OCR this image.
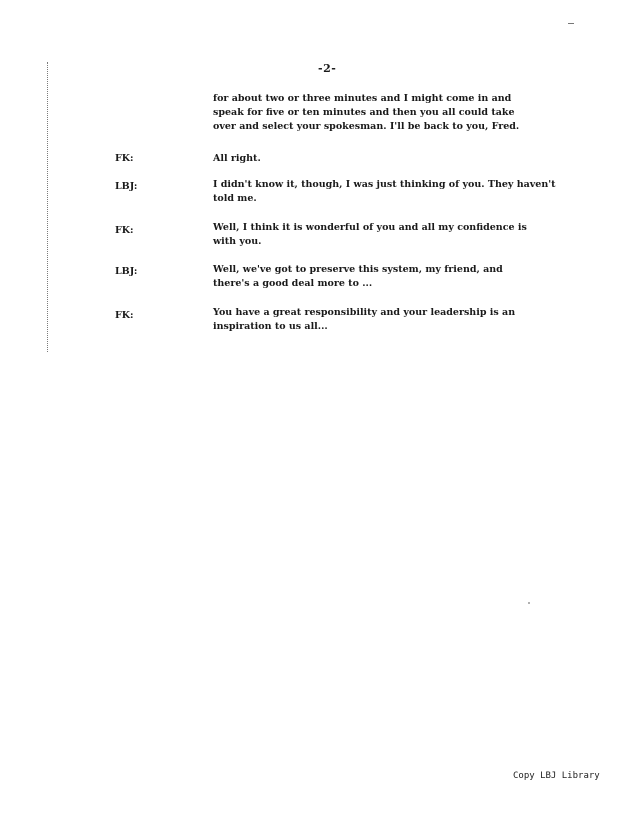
-2-
for about two or three minutes and I might come in and
speak for five or ten minutes and then you all could take
over and select your spokesman. I'll be back to you, Fred.
FK:	All right.
LBJ:	I didn't know it, though, I was just thinking of you. They haven't
told me.
FK:	Well, I think it is wonderful of you and all my confidence is
with you.
LBJ:	Well, we've got to preserve this system, my friend, and
there's a good deal more to ...
FK:	You have a great responsibility and your leadership is an
inspiration to us all...
Copy LBJ Library
